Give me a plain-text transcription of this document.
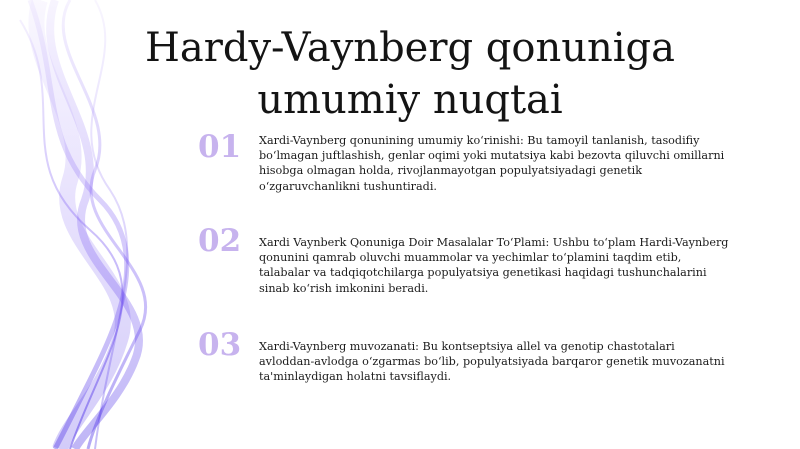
Hardy-Vaynberg qonuniga umumiy nuqtai
01	Xardi-Vaynberg qonunining umumiy ko‘rinishi: Bu tamoyil tanlanish, tasodifiy bo‘lmagan juftlashish, genlar oqimi yoki mutatsiya kabi bezovta qiluvchi omillarni hisobga olmagan holda, rivojlanmayotgan populyatsiyadagi genetik o‘zgaruvchanlikni tushuntiradi.
02	Xardi Vaynberk Qonuniga Doir Masalalar To‘Plami: Ushbu to‘plam Hardi-Vaynberg qonunini qamrab oluvchi muammolar va yechimlar to‘plamini taqdim etib, talabalar va tadqiqotchilarga populyatsiya genetikasi haqidagi tushunchalarini sinab ko‘rish imkonini beradi.
03	Xardi-Vaynberg muvozanati: Bu kontseptsiya allel va genotip chastotalari avloddan-avlodga o‘zgarmas bo‘lib, populyatsiyada barqaror genetik muvozanatni ta'minlaydigan holatni tavsiflaydi.
